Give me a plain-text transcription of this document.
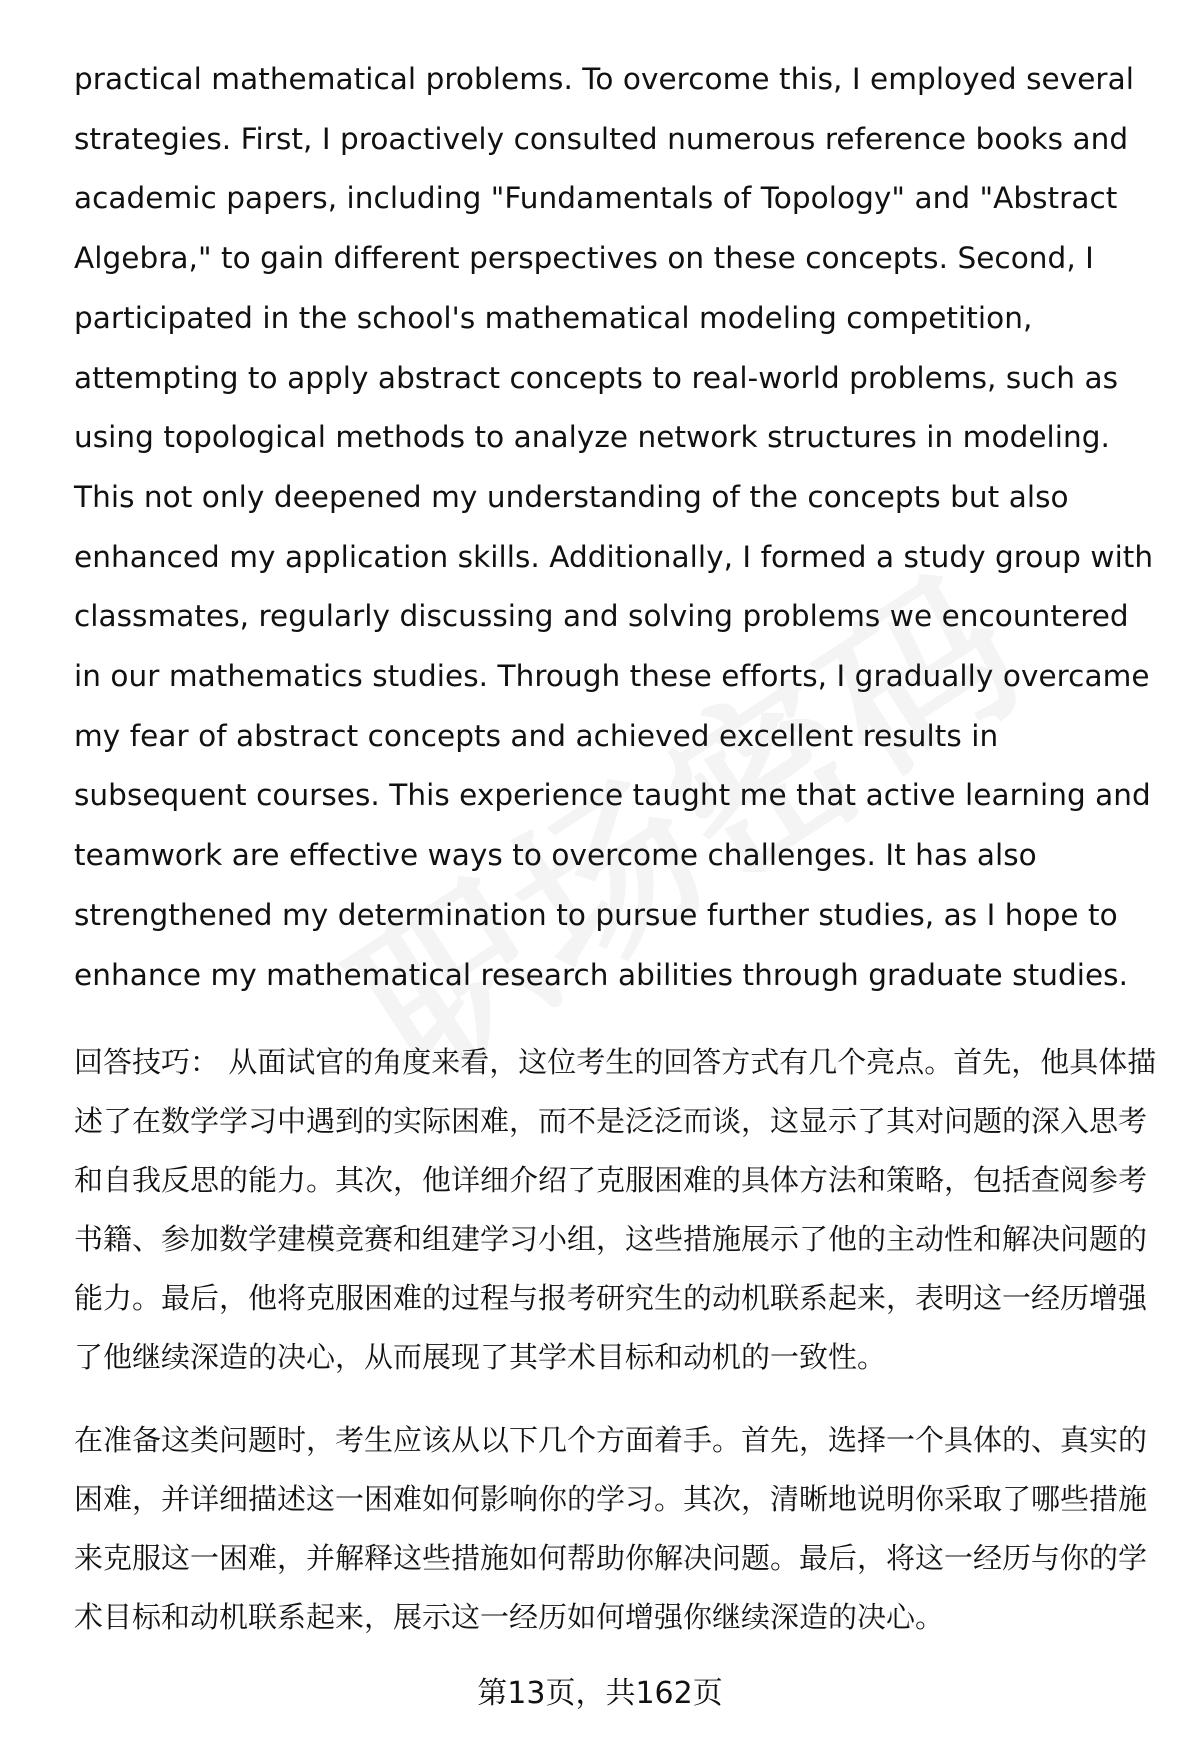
practical mathematical problems. To overcome this, I employed several strategies. First, I proactively consulted numerous reference books and academic papers, including "Fundamentals of Topology" and "Abstract Algebra," to gain different perspectives on these concepts. Second, I participated in the school's mathematical modeling competition, attempting to apply abstract concepts to real-world problems, such as using topological methods to analyze network structures in modeling. This not only deepened my understanding of the concepts but also enhanced my application skills. Additionally, I formed a study group with classmates, regularly discussing and solving problems we encountered in our mathematics studies. Through these efforts, I gradually overcame my fear of abstract concepts and achieved excellent results in subsequent courses. This experience taught me that active learning and teamwork are effective ways to overcome challenges. It has also strengthened my determination to pursue further studies, as I hope to enhance my mathematical research abilities through graduate studies.

回答技巧： 从面试官的角度来看，这位考生的回答方式有几个亮点。首先，他具体描述了在数学学习中遇到的实际困难，而不是泛泛而谈，这显示了其对问题的深入思考和自我反思的能力。其次，他详细介绍了克服困难的具体方法和策略，包括查阅参考书籍、参加数学建模竞赛和组建学习小组，这些措施展示了他的主动性和解决问题的能力。最后，他将克服困难的过程与报考研究生的动机联系起来，表明这一经历增强了他继续深造的决心，从而展现了其学术目标和动机的一致性。

在准备这类问题时，考生应该从以下几个方面着手。首先，选择一个具体的、真实的困难，并详细描述这一困难如何影响你的学习。其次，清晰地说明你采取了哪些措施来克服这一困难，并解释这些措施如何帮助你解决问题。最后，将这一经历与你的学术目标和动机联系起来，展示这一经历如何增强你继续深造的决心。

第13页，共162页
